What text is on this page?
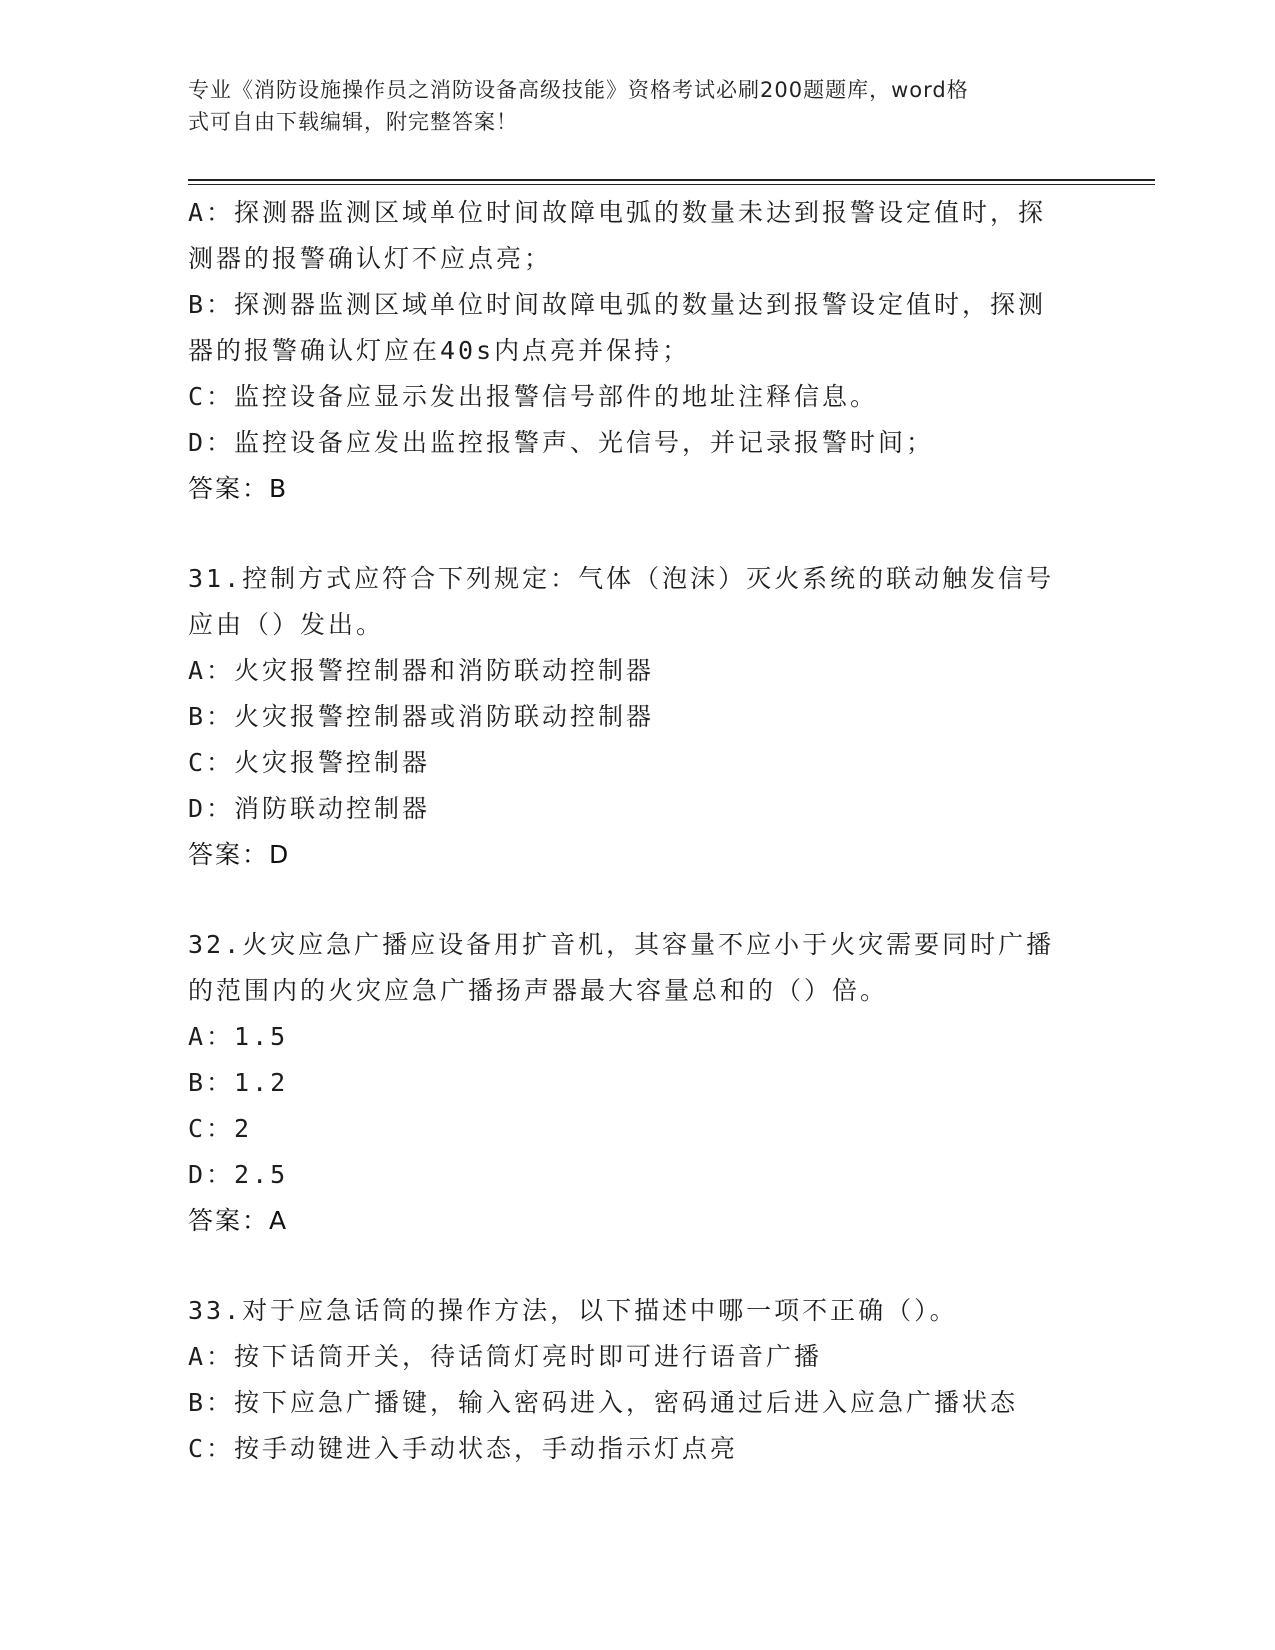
专业《消防设施操作员之消防设备高级技能》资格考试必刷200题题库，word格
式可自由下载编辑，附完整答案！
A：探测器监测区域单位时间故障电弧的数量未达到报警设定值时，探
测器的报警确认灯不应点亮；
B：探测器监测区域单位时间故障电弧的数量达到报警设定值时，探测
器的报警确认灯应在40s内点亮并保持；
C：监控设备应显示发出报警信号部件的地址注释信息。
D：监控设备应发出监控报警声、光信号，并记录报警时间；
答案：B
31.控制方式应符合下列规定：气体（泡沫）灭火系统的联动触发信号
应由（）发出。
A：火灾报警控制器和消防联动控制器
B：火灾报警控制器或消防联动控制器
C：火灾报警控制器
D：消防联动控制器
答案：D
32.火灾应急广播应设备用扩音机，其容量不应小于火灾需要同时广播
的范围内的火灾应急广播扬声器最大容量总和的（）倍。
A：1.5
B：1.2
C：2
D：2.5
答案：A
33.对于应急话筒的操作方法，以下描述中哪一项不正确（）。
A：按下话筒开关，待话筒灯亮时即可进行语音广播
B：按下应急广播键，输入密码进入，密码通过后进入应急广播状态
C：按手动键进入手动状态，手动指示灯点亮
